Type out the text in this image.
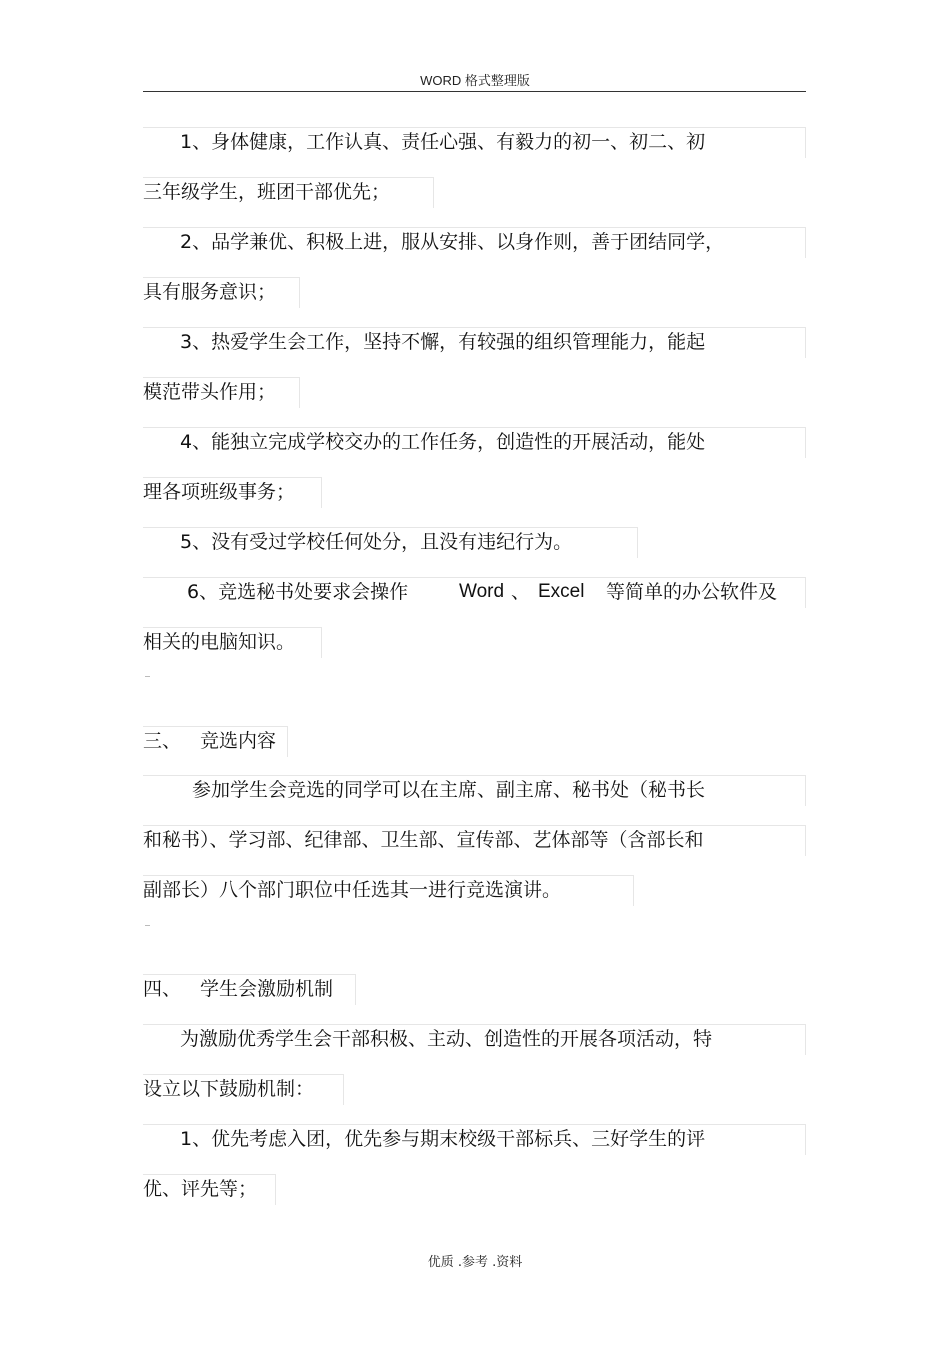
WORD 格式整理版
1、身体健康，工作认真、责任心强、有毅力的初一、初二、初
三年级学生，班团干部优先；
2、品学兼优、积极上进，服从安排、以身作则，善于团结同学，
具有服务意识；
3、热爱学生会工作，坚持不懈，有较强的组织管理能力，能起
模范带头作用；
4、能独立完成学校交办的工作任务，创造性的开展活动，能处
理各项班级事务；
5、没有受过学校任何处分，且没有违纪行为。
6、竞选秘书处要求会操作	Word 、 Excel 等简单的办公软件及
相关的电脑知识。
三、 竞选内容
参加学生会竞选的同学可以在主席、副主席、秘书处（秘书长
和秘书）、学习部、纪律部、卫生部、宣传部、艺体部等（含部长和
副部长）八个部门职位中任选其一进行竞选演讲。
四、 学生会激励机制
为激励优秀学生会干部积极、主动、创造性的开展各项活动，特
设立以下鼓励机制：
1、优先考虑入团，优先参与期末校级干部标兵、三好学生的评
优、评先等；
优质 .参考 .资料
